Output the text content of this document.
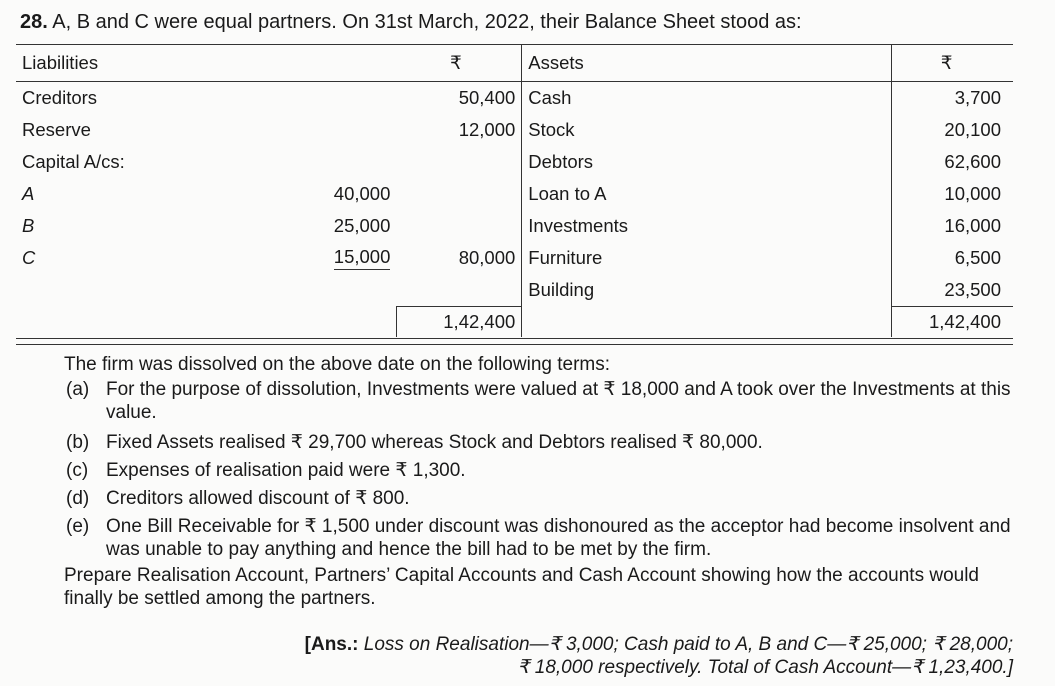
28. A, B and C were equal partners. On 31st March, 2022, their Balance Sheet stood as:
Liabilities		₹	Assets	₹
Creditors		50,400	Cash	3,700
Reserve		12,000	Stock	20,100
Capital A/cs:			Debtors	62,600
A	40,000		Loan to A	10,000
B	25,000		Investments	16,000
C	15,000	80,000	Furniture	6,500
			Building	23,500
		1,42,400		1,42,400

The firm was dissolved on the above date on the following terms:

(a) For the purpose of dissolution, Investments were valued at ₹ 18,000 and A took over the Investments at this value.
(b) Fixed Assets realised ₹ 29,700 whereas Stock and Debtors realised ₹ 80,000.
(c) Expenses of realisation paid were ₹ 1,300.
(d) Creditors allowed discount of ₹ 800.
(e) One Bill Receivable for ₹ 1,500 under discount was dishonoured as the acceptor had become insolvent and was unable to pay anything and hence the bill had to be met by the firm.

Prepare Realisation Account, Partners’ Capital Accounts and Cash Account showing how the accounts would finally be settled among the partners.

[Ans.: Loss on Realisation—₹ 3,000; Cash paid to A, B and C—₹ 25,000; ₹ 28,000;
₹ 18,000 respectively. Total of Cash Account—₹ 1,23,400.]
